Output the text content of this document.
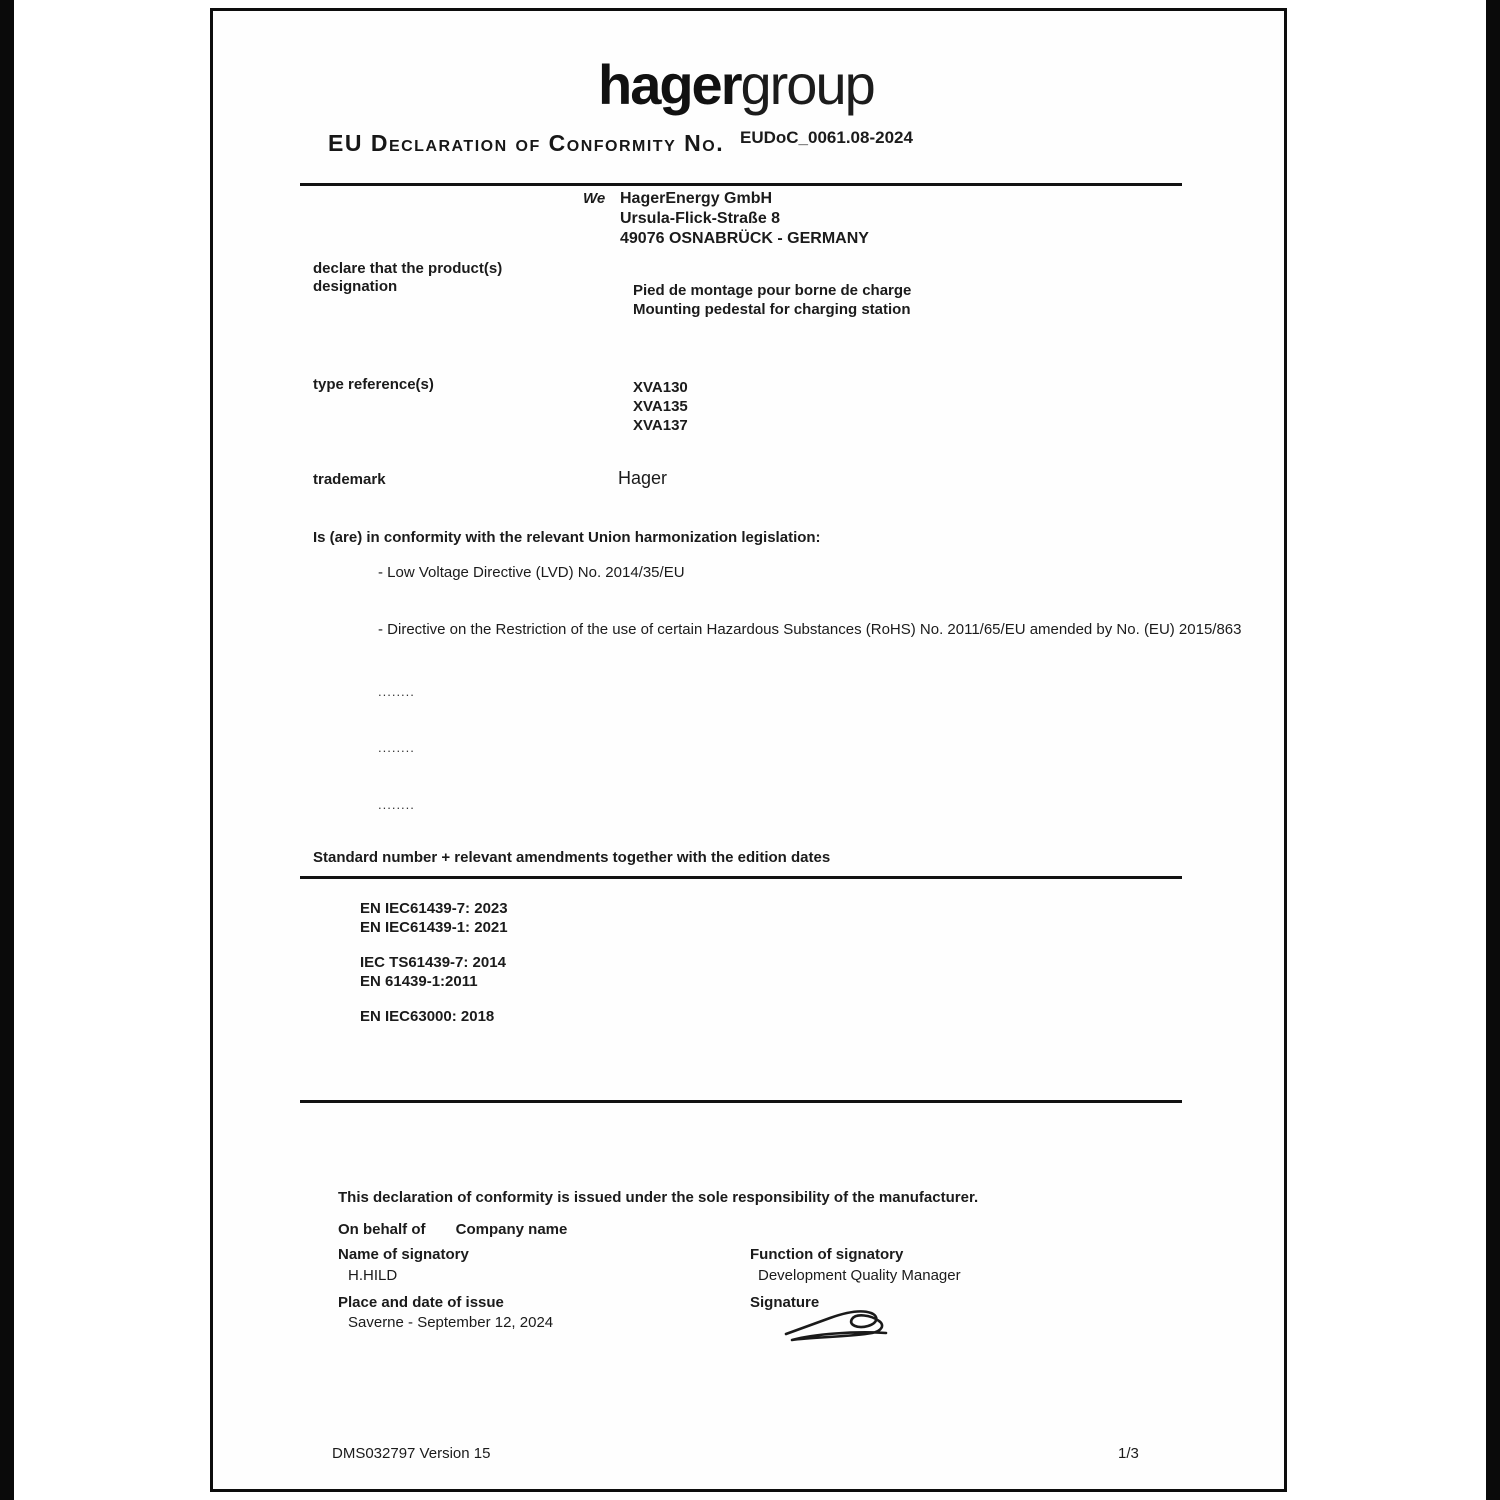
hagergroup
EU Declaration of Conformity No. EUDoC_0061.08-2024
We HagerEnergy GmbH
Ursula-Flick-Straße 8
49076 OSNABRÜCK - GERMANY
declare that the product(s)
designation	Pied de montage pour borne de charge
Mounting pedestal for charging station
type reference(s)	XVA130
XVA135
XVA137
trademark	Hager
Is (are) in conformity with the relevant Union harmonization legislation:
- Low Voltage Directive (LVD) No. 2014/35/EU
- Directive on the Restriction of the use of certain Hazardous Substances (RoHS) No. 2011/65/EU amended by No. (EU) 2015/863
........
........
........
Standard number + relevant amendments together with the edition dates
EN IEC61439-7: 2023
EN IEC61439-1: 2021
IEC TS61439-7: 2014
EN 61439-1:2011
EN IEC63000: 2018
This declaration of conformity is issued under the sole responsibility of the manufacturer.
On behalf of Company name
Name of signatory
H.HILD
Function of signatory
Development Quality Manager
Place and date of issue
Saverne - September 12, 2024
Signature
DMS032797 Version 15	1/3
